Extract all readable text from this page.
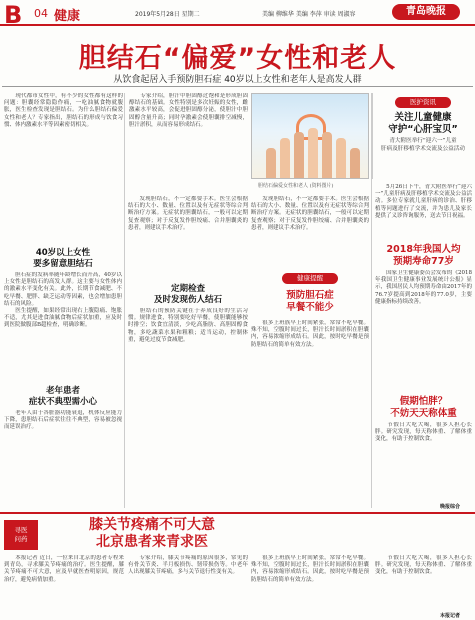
B 04 健康	2019年5月28日 星期二	美编 柳维华 美编 李萍 审读 周淑容	青岛晚报
胆结石“偏爱”女性和老人
从饮食起居入手预防胆石症 40岁以上女性和老年人是高发人群
　　现代都市女性中，有不少的女性都有这样的问题：胆囊经常隐隐作痛，一吃油腻食物就腹胀，医生检查发现是胆结石。为什么胆结石偏爱女性和老人？专家指出，胆结石的形成与饮食习惯、体内激素水平等因素密切相关。
　　专家介绍，胆汁中胆固醇过饱和是形成胆固醇结石的基础。女性特别是多次妊娠的女性，雌激素水平较高，会促进胆固醇分泌，使胆汁中胆固醇含量升高；同时孕激素会使胆囊排空减慢，胆汁淤积，从而容易形成结石。
胆结石偏爱女性和老人 (资料图片)
医护资讯
关注儿童健康
守护“心肝宝贝”
青大附医举行“迎六一”儿童
肝病及肝移植学术交流及公益活动
40岁以上女性
要多留意胆结石
　　胆石症的发病率随年龄增长而升高，40岁以上女性是胆结石的高发人群。这主要与女性体内的激素水平变化有关。此外，长期节食减肥、不吃早餐、肥胖、缺乏运动等因素，也会增加患胆结石的风险。
　　医生提醒，如果经常出现右上腹隐痛、饱胀不适，尤其是进食油腻食物后症状加重，应及时到医院做腹部B超检查，明确诊断。
老年患者
症状不典型需小心
　　老年人由于各脏器功能衰退，机体反应能力下降，患胆结石后症状往往不典型，容易被忽视而延误治疗。
　　发现胆结石，不一定都要手术。医生会根据结石的大小、数量、位置以及有无症状等综合判断治疗方案。无症状的胆囊结石，一般可以定期复查观察；对于反复发作胆绞痛、合并胆囊炎的患者，则建议手术治疗。
定期检查
及时发现伤人结石
　　胆结石的预防关键在于养成良好的生活习惯。规律进食，特别要吃好早餐，使胆囊能够按时排空；饮食宜清淡，少吃高脂肪、高胆固醇食物，多吃蔬菜水果和粗粮；适当运动，控制体重，避免过度节食减肥。
　　发现胆结石，不一定都要手术。医生会根据结石的大小、数量、位置以及有无症状等综合判断治疗方案。无症状的胆囊结石，一般可以定期复查观察；对于反复发作胆绞痛、合并胆囊炎的患者，则建议手术治疗。
健康提醒
预防胆石症
早餐不能少
　　很多上班族早上时间紧张，常常不吃早餐。殊不知，空腹时间过长，胆汁长时间淤积在胆囊内，容易浓缩形成结石。因此，按时吃早餐是预防胆结石的简单有效方法。
　　5月26日下午，青大附医举行“迎六一”儿童肝病及肝移植学术交流及公益活动。多位专家就儿童肝病的诊治、肝移植等问题进行了交流，并为患儿及家长提供了义诊咨询服务，送去节日祝福。
2018年我国人均
预期寿命77岁
　　国家卫生健康委员会发布的《2018年我国卫生健康事业发展统计公报》显示，我国居民人均预期寿命由2017年的76.7岁提高到2018年的77.0岁，主要健康指标持续改善。
假期怕胖？
不妨天天称体重
　　节假日大吃大喝，很多人担心长胖。研究发现，每天称体重、了解体重变化，有助于控制饮食。
寻医
问药
膝关节疼痛不可大意
北京患者来青求医
　　本报记者 近日，一位来自北京的患者专程来到青岛，寻求膝关节疼痛的治疗。医生提醒，膝关节疼痛不可大意，应及早就医查明原因，规范治疗，避免病情加重。
　　专家介绍，膝关节疼痛的原因很多，常见的有骨关节炎、半月板损伤、韧带损伤等。中老年人出现膝关节疼痛，多与关节退行性变有关。
　　很多上班族早上时间紧张，常常不吃早餐。殊不知，空腹时间过长，胆汁长时间淤积在胆囊内，容易浓缩形成结石。因此，按时吃早餐是预防胆结石的简单有效方法。
　　节假日大吃大喝，很多人担心长胖。研究发现，每天称体重、了解体重变化，有助于控制饮食。
本报记者
晚报综合
